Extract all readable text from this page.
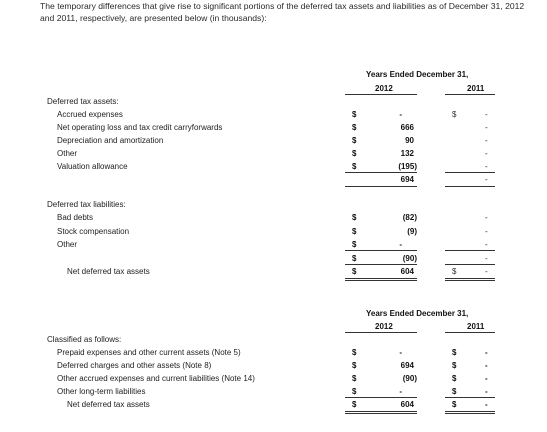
The temporary differences that give rise to significant portions of the deferred tax assets and liabilities as of December 31, 2012 and 2011, respectively, are presented below (in thousands):
Years Ended December 31,
2012	2011
Deferred tax assets:
Accrued expenses	$	-	$	-
Net operating loss and tax credit carryforwards	$	666	-
Depreciation and amortization	$	90	-
Other	$	132	-
Valuation allowance	$	(195)	-
694	-
Deferred tax liabilities:
Bad debts	$	(82)	-
Stock compensation	$	(9)	-
Other	$	-	-
$	(90)	-
Net deferred tax assets	$	604	$	-
Years Ended December 31,
2012	2011
Classified as follows:
Prepaid expenses and other current assets (Note 5)	$	-	$	-
Deferred charges and other assets (Note 8)	$	694	$	-
Other accrued expenses and current liabilities (Note 14)	$	(90)	$	-
Other long-term liabilities	$	-	$	-
Net deferred tax assets	$	604	$	-
